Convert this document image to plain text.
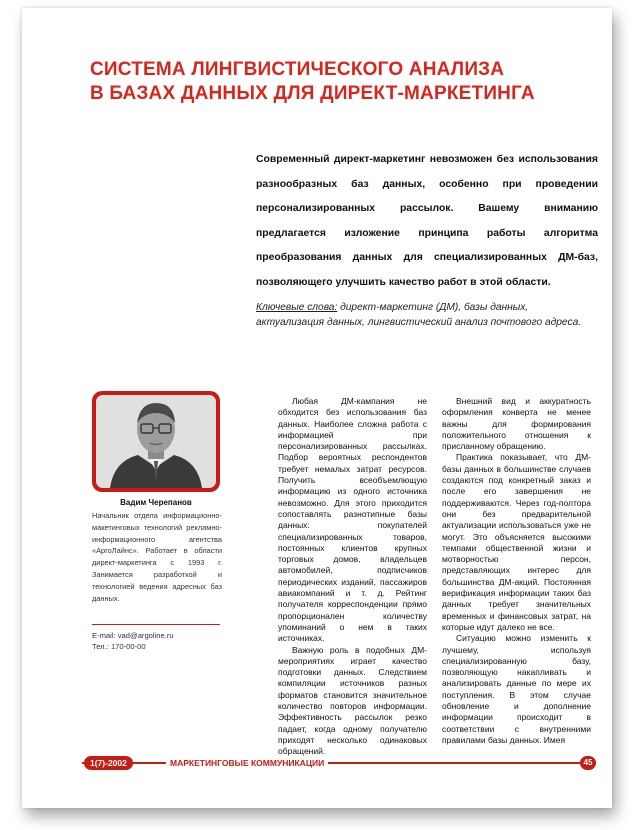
СИСТЕМА ЛИНГВИСТИЧЕСКОГО АНАЛИЗА
В БАЗАХ ДАННЫХ ДЛЯ ДИРЕКТ-МАРКЕТИНГА

Современный директ-маркетинг невозможен без использования разнообразных баз данных, особенно при проведении персонализированных рассылок. Вашему вниманию предлагается изложение принципа работы алгоритма преобразования данных для специализированных ДМ-баз, позволяющего улучшить качество работ в этой области.

Ключевые слова: директ-маркетинг (ДМ), базы данных, актуализация данных, лингвистический анализ почтового адреса.

Вадим Черепанов

Начальник отдела информационно-макетинговых технологий рекламно-информационного агентства «АргоЛайнс». Работает в области директ-маркетинга с 1993 г. Занимается разработкой и технологией ведения адресных баз данных.

E-mail: vad@argoline.ru
Тел.: 170-00-00

Любая ДМ-кампания не обходится без использования баз данных. Наиболее сложна работа с информацией при персонализированных рассылках. Подбор вероятных респондентов требует немалых затрат ресурсов. Получить всеобъемлющую информацию из одного источника невозможно. Для этого приходится сопоставлять разнотипные базы данных: покупателей специализированных товаров, постоянных клиентов крупных торговых домов, владельцев автомобилей, подписчиков периодических изданий, пассажиров авиакомпаний и т. д. Рейтинг получателя корреспонденции прямо пропорционален количеству упоминаний о нем в таких источниках.

Важную роль в подобных ДМ-мероприятиях играет качество подготовки данных. Следствием компиляции источников разных форматов становится значительное количество повторов информации. Эффективность рассылок резко падает, когда одному получателю приходят несколько одинаковых обращений.

Внешний вид и аккуратность оформления конверта не менее важны для формирования положительного отношения к присланному обращению.

Практика показывает, что ДМ-базы данных в большинстве случаев создаются под конкретный заказ и после его завершения не поддерживаются. Через год-полтора они без предварительной актуализации использоваться уже не могут. Это объясняется высокими темпами общественной жизни и мотворностью персон, представляющих интерес для большинства ДМ-акций. Постоянная верификация информации таких баз данных требует значительных временных и финансовых затрат, на которые идут далеко не все.

Ситуацию можно изменить к лучшему, используя специализированную базу, позволяющую накапливать и анализировать данные по мере их поступления. В этом случае обновление и дополнение информации происходит в соответствии с внутренними правилами базы данных. Имея

1(7)-2002	МАРКЕТИНГОВЫЕ КОММУНИКАЦИИ	45
